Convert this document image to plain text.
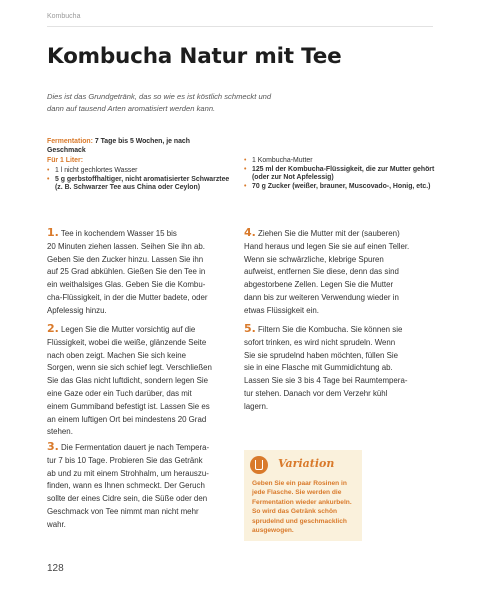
Kombucha
Kombucha Natur mit Tee
Dies ist das Grundgetränk, das so wie es ist köstlich schmeckt und
dann auf tausend Arten aromatisiert werden kann.
Fermentation: 7 Tage bis 5 Wochen, je nach
Geschmack
Für 1 Liter:
• 1 l nicht gechlortes Wasser
• 5 g gerbstoffhaltiger, nicht aromatisierter Schwarztee (z. B. Schwarzer Tee aus China oder Ceylon)
• 1 Kombucha-Mutter
• 125 ml der Kombucha-Flüssigkeit, die zur Mutter gehört (oder zur Not Apfelessig)
• 70 g Zucker (weißer, brauner, Muscovado-, Honig, etc.)
1. Tee in kochendem Wasser 15 bis
20 Minuten ziehen lassen. Seihen Sie ihn ab.
Geben Sie den Zucker hinzu. Lassen Sie ihn
auf 25 Grad abkühlen. Gießen Sie den Tee in
ein weithalsiges Glas. Geben Sie die Kombu-
cha-Flüssigkeit, in der die Mutter badete, oder
Apfelessig hinzu.
2. Legen Sie die Mutter vorsichtig auf die
Flüssigkeit, wobei die weiße, glänzende Seite
nach oben zeigt. Machen Sie sich keine
Sorgen, wenn sie sich schief legt. Verschließen
Sie das Glas nicht luftdicht, sondern legen Sie
eine Gaze oder ein Tuch darüber, das mit
einem Gummiband befestigt ist. Lassen Sie es
an einem luftigen Ort bei mindestens 20 Grad
stehen.
3. Die Fermentation dauert je nach Tempera-
tur 7 bis 10 Tage. Probieren Sie das Getränk
ab und zu mit einem Strohhalm, um herauszu-
finden, wann es Ihnen schmeckt. Der Geruch
sollte der eines Cidre sein, die Süße oder den
Geschmack von Tee nimmt man nicht mehr
wahr.
4. Ziehen Sie die Mutter mit der (sauberen)
Hand heraus und legen Sie sie auf einen Teller.
Wenn sie schwärzliche, klebrige Spuren
aufweist, entfernen Sie diese, denn das sind
abgestorbene Zellen. Legen Sie die Mutter
dann bis zur weiteren Verwendung wieder in
etwas Flüssigkeit ein.
5. Filtern Sie die Kombucha. Sie können sie
sofort trinken, es wird nicht sprudeln. Wenn
Sie sie sprudelnd haben möchten, füllen Sie
sie in eine Flasche mit Gummidichtung ab.
Lassen Sie sie 3 bis 4 Tage bei Raumtempera-
tur stehen. Danach vor dem Verzehr kühl
lagern.
Variation
Geben Sie ein paar Rosinen in
jede Flasche. Sie werden die
Fermentation wieder ankurbeln.
So wird das Getränk schön
sprudelnd und geschmacklich
ausgewogen.
128
